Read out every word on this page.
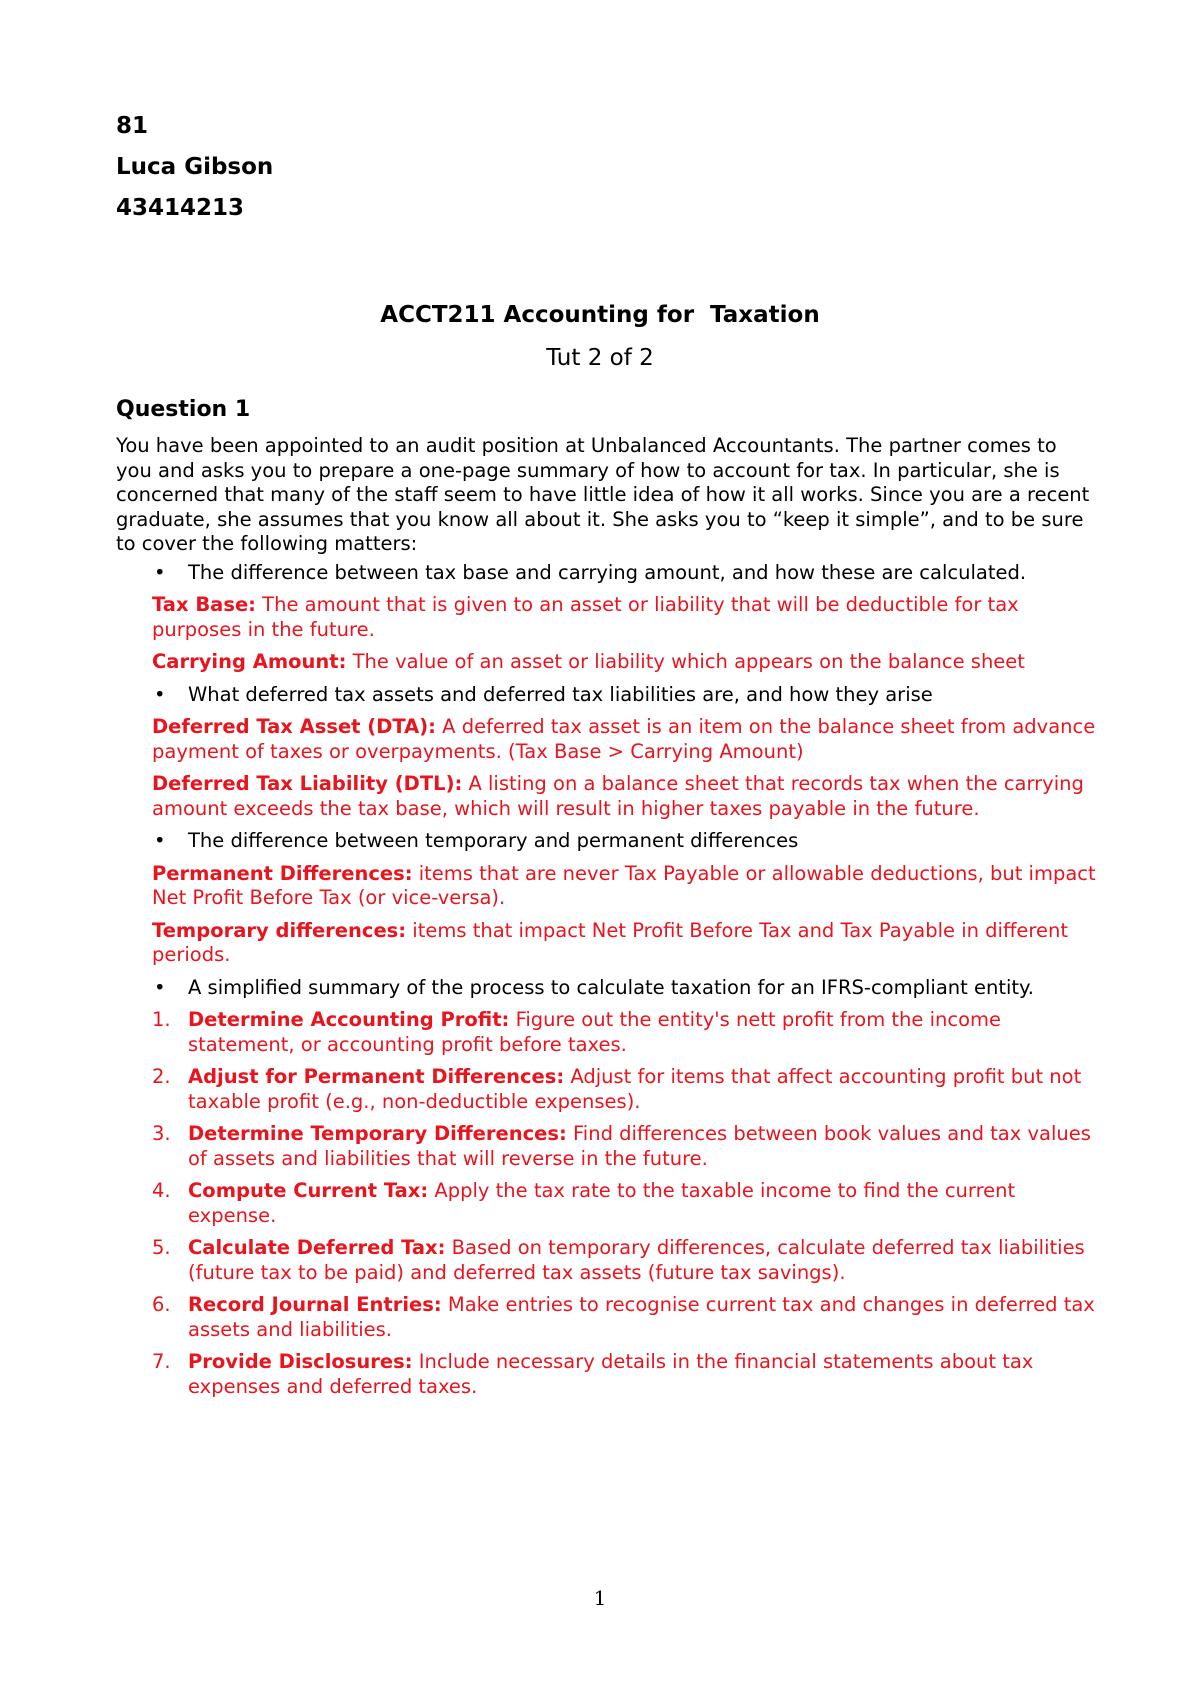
81
Luca Gibson
43414213
ACCT211 Accounting for  Taxation
Tut 2 of 2
Question 1

You have been appointed to an audit position at Unbalanced Accountants. The partner comes to you and asks you to prepare a one-page summary of how to account for tax. In particular, she is concerned that many of the staff seem to have little idea of how it all works. Since you are a recent graduate, she assumes that you know all about it. She asks you to “keep it simple”, and to be sure to cover the following matters:

• The difference between tax base and carrying amount, and how these are calculated.
Tax Base: The amount that is given to an asset or liability that will be deductible for tax purposes in the future.
Carrying Amount: The value of an asset or liability which appears on the balance sheet
• What deferred tax assets and deferred tax liabilities are, and how they arise
Deferred Tax Asset (DTA): A deferred tax asset is an item on the balance sheet from advance payment of taxes or overpayments. (Tax Base > Carrying Amount)
Deferred Tax Liability (DTL): A listing on a balance sheet that records tax when the carrying amount exceeds the tax base, which will result in higher taxes payable in the future.
• The difference between temporary and permanent differences
Permanent Differences: items that are never Tax Payable or allowable deductions, but impact Net Profit Before Tax (or vice-versa).
Temporary differences: items that impact Net Profit Before Tax and Tax Payable in different periods.
• A simplified summary of the process to calculate taxation for an IFRS-compliant entity.
1. Determine Accounting Profit: Figure out the entity's nett profit from the income statement, or accounting profit before taxes.
2. Adjust for Permanent Differences: Adjust for items that affect accounting profit but not taxable profit (e.g., non-deductible expenses).
3. Determine Temporary Differences: Find differences between book values and tax values of assets and liabilities that will reverse in the future.
4. Compute Current Tax: Apply the tax rate to the taxable income to find the current expense.
5. Calculate Deferred Tax: Based on temporary differences, calculate deferred tax liabilities (future tax to be paid) and deferred tax assets (future tax savings).
6. Record Journal Entries: Make entries to recognise current tax and changes in deferred tax assets and liabilities.
7. Provide Disclosures: Include necessary details in the financial statements about tax expenses and deferred taxes.
1
